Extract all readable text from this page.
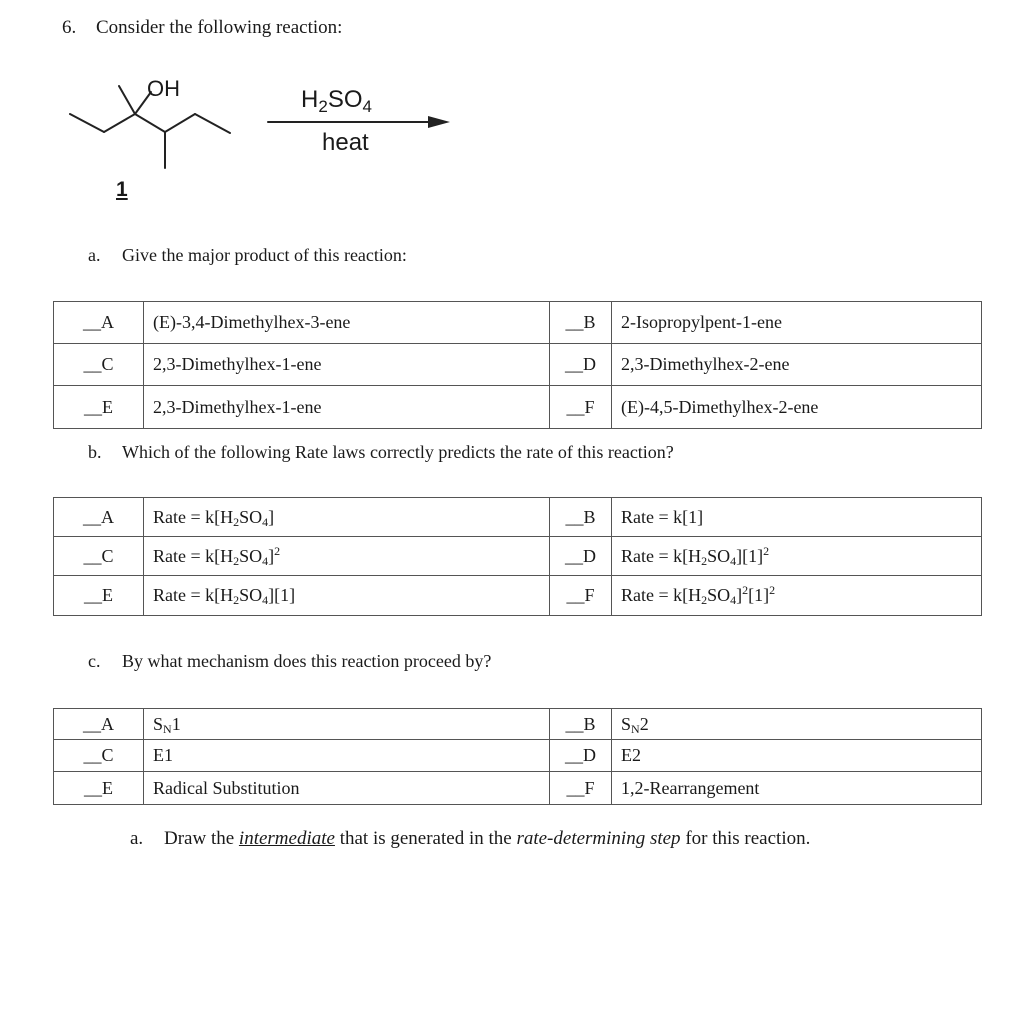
6. Consider the following reaction:
OH	$H_2SO_4$
heat
1
a. Give the major product of this reaction:
__A	(E)-3,4-Dimethylhex-3-ene	__B	2-Isopropylpent-1-ene
__C	2,3-Dimethylhex-1-ene	__D	2,3-Dimethylhex-2-ene
__E	2,3-Dimethylhex-1-ene	__F	(E)-4,5-Dimethylhex-2-ene
b. Which of the following Rate laws correctly predicts the rate of this reaction?
__A	Rate = $k[H_2SO_4]$	__B	Rate = k[1]
__C	Rate = $k[H_2SO_4]^2$	__D	Rate = $k[H_2SO_4][1]^2$
__E	Rate = $k[H_2SO_4][1]$	__F	Rate = $k[H_2SO_4]^2[1]^2$
c. By what mechanism does this reaction proceed by?
__A	$S_N1$	__B	$S_N2$
__C	E1	__D	E2
__E	Radical Substitution	__F	1,2-Rearrangement
a. Draw the intermediate that is generated in the rate-determining step for this reaction.
